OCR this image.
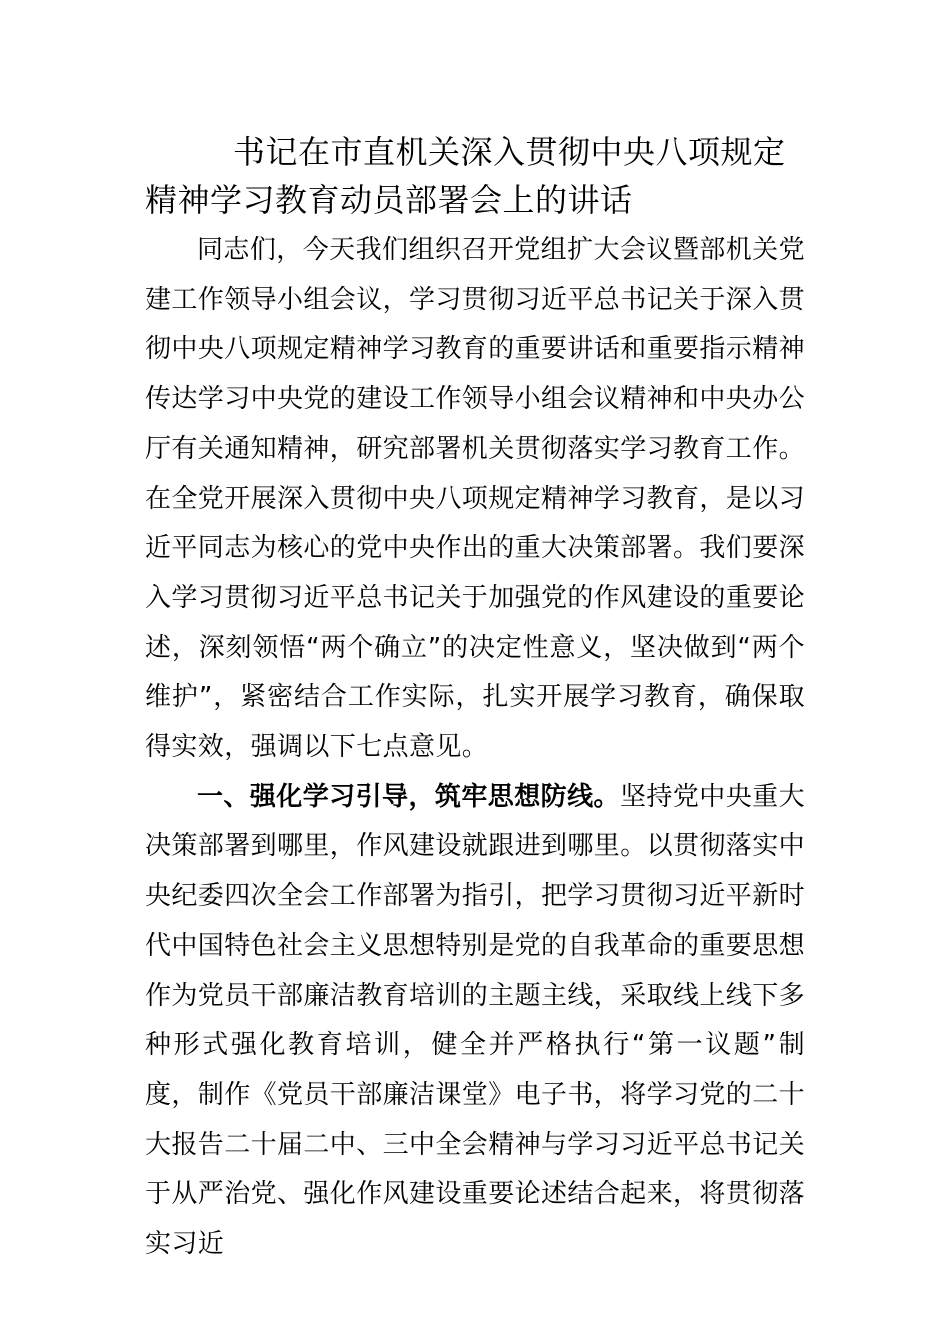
书记在市直机关深入贯彻中央八项规定精神学习教育动员部署会上的讲话

同志们，今天我们组织召开党组扩大会议暨部机关党建工作领导小组会议，学习贯彻习近平总书记关于深入贯彻中央八项规定精神学习教育的重要讲话和重要指示精神传达学习中央党的建设工作领导小组会议精神和中央办公厅有关通知精神，研究部署机关贯彻落实学习教育工作。

在全党开展深入贯彻中央八项规定精神学习教育，是以习近平同志为核心的党中央作出的重大决策部署。我们要深入学习贯彻习近平总书记关于加强党的作风建设的重要论述，深刻领悟“两个确立”的决定性意义，坚决做到“两个维护”，紧密结合工作实际，扎实开展学习教育，确保取得实效，强调以下七点意见。

一、强化学习引导，筑牢思想防线。坚持党中央重大决策部署到哪里，作风建设就跟进到哪里。以贯彻落实中央纪委四次全会工作部署为指引，把学习贯彻习近平新时代中国特色社会主义思想特别是党的自我革命的重要思想作为党员干部廉洁教育培训的主题主线，采取线上线下多种形式强化教育培训，健全并严格执行“第一议题”制度，制作《党员干部廉洁课堂》电子书，将学习党的二十大报告二十届二中、三中全会精神与学习习近平总书记关于从严治党、强化作风建设重要论述结合起来，将贯彻落实习近
